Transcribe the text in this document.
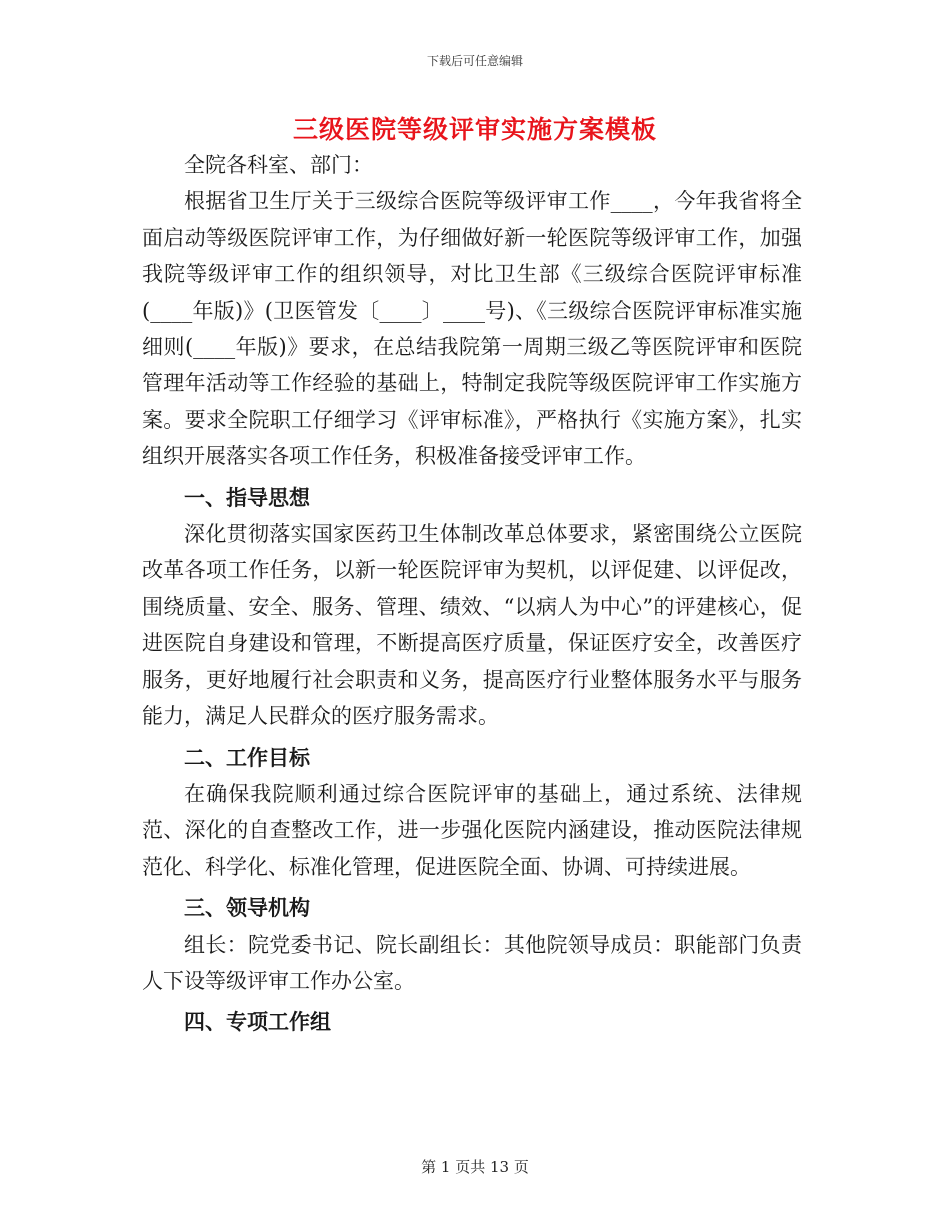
下载后可任意编辑
三级医院等级评审实施方案模板

全院各科室、部门：

根据省卫生厅关于三级综合医院等级评审工作____，今年我省将全面启动等级医院评审工作，为仔细做好新一轮医院等级评审工作，加强我院等级评审工作的组织领导，对比卫生部《三级综合医院评审标准(____年版)》(卫医管发〔____〕____号)、《三级综合医院评审标准实施细则(____年版)》要求，在总结我院第一周期三级乙等医院评审和医院管理年活动等工作经验的基础上，特制定我院等级医院评审工作实施方案。要求全院职工仔细学习《评审标准》，严格执行《实施方案》，扎实组织开展落实各项工作任务，积极准备接受评审工作。

一、指导思想

深化贯彻落实国家医药卫生体制改革总体要求，紧密围绕公立医院改革各项工作任务，以新一轮医院评审为契机，以评促建、以评促改，围绕质量、安全、服务、管理、绩效、“以病人为中心”的评建核心，促进医院自身建设和管理，不断提高医疗质量，保证医疗安全，改善医疗服务，更好地履行社会职责和义务，提高医疗行业整体服务水平与服务能力，满足人民群众的医疗服务需求。

二、工作目标

在确保我院顺利通过综合医院评审的基础上，通过系统、法律规范、深化的自查整改工作，进一步强化医院内涵建设，推动医院法律规范化、科学化、标准化管理，促进医院全面、协调、可持续进展。

三、领导机构

组长：院党委书记、院长副组长：其他院领导成员：职能部门负责人下设等级评审工作办公室。

四、专项工作组

第 1 页共 13 页
